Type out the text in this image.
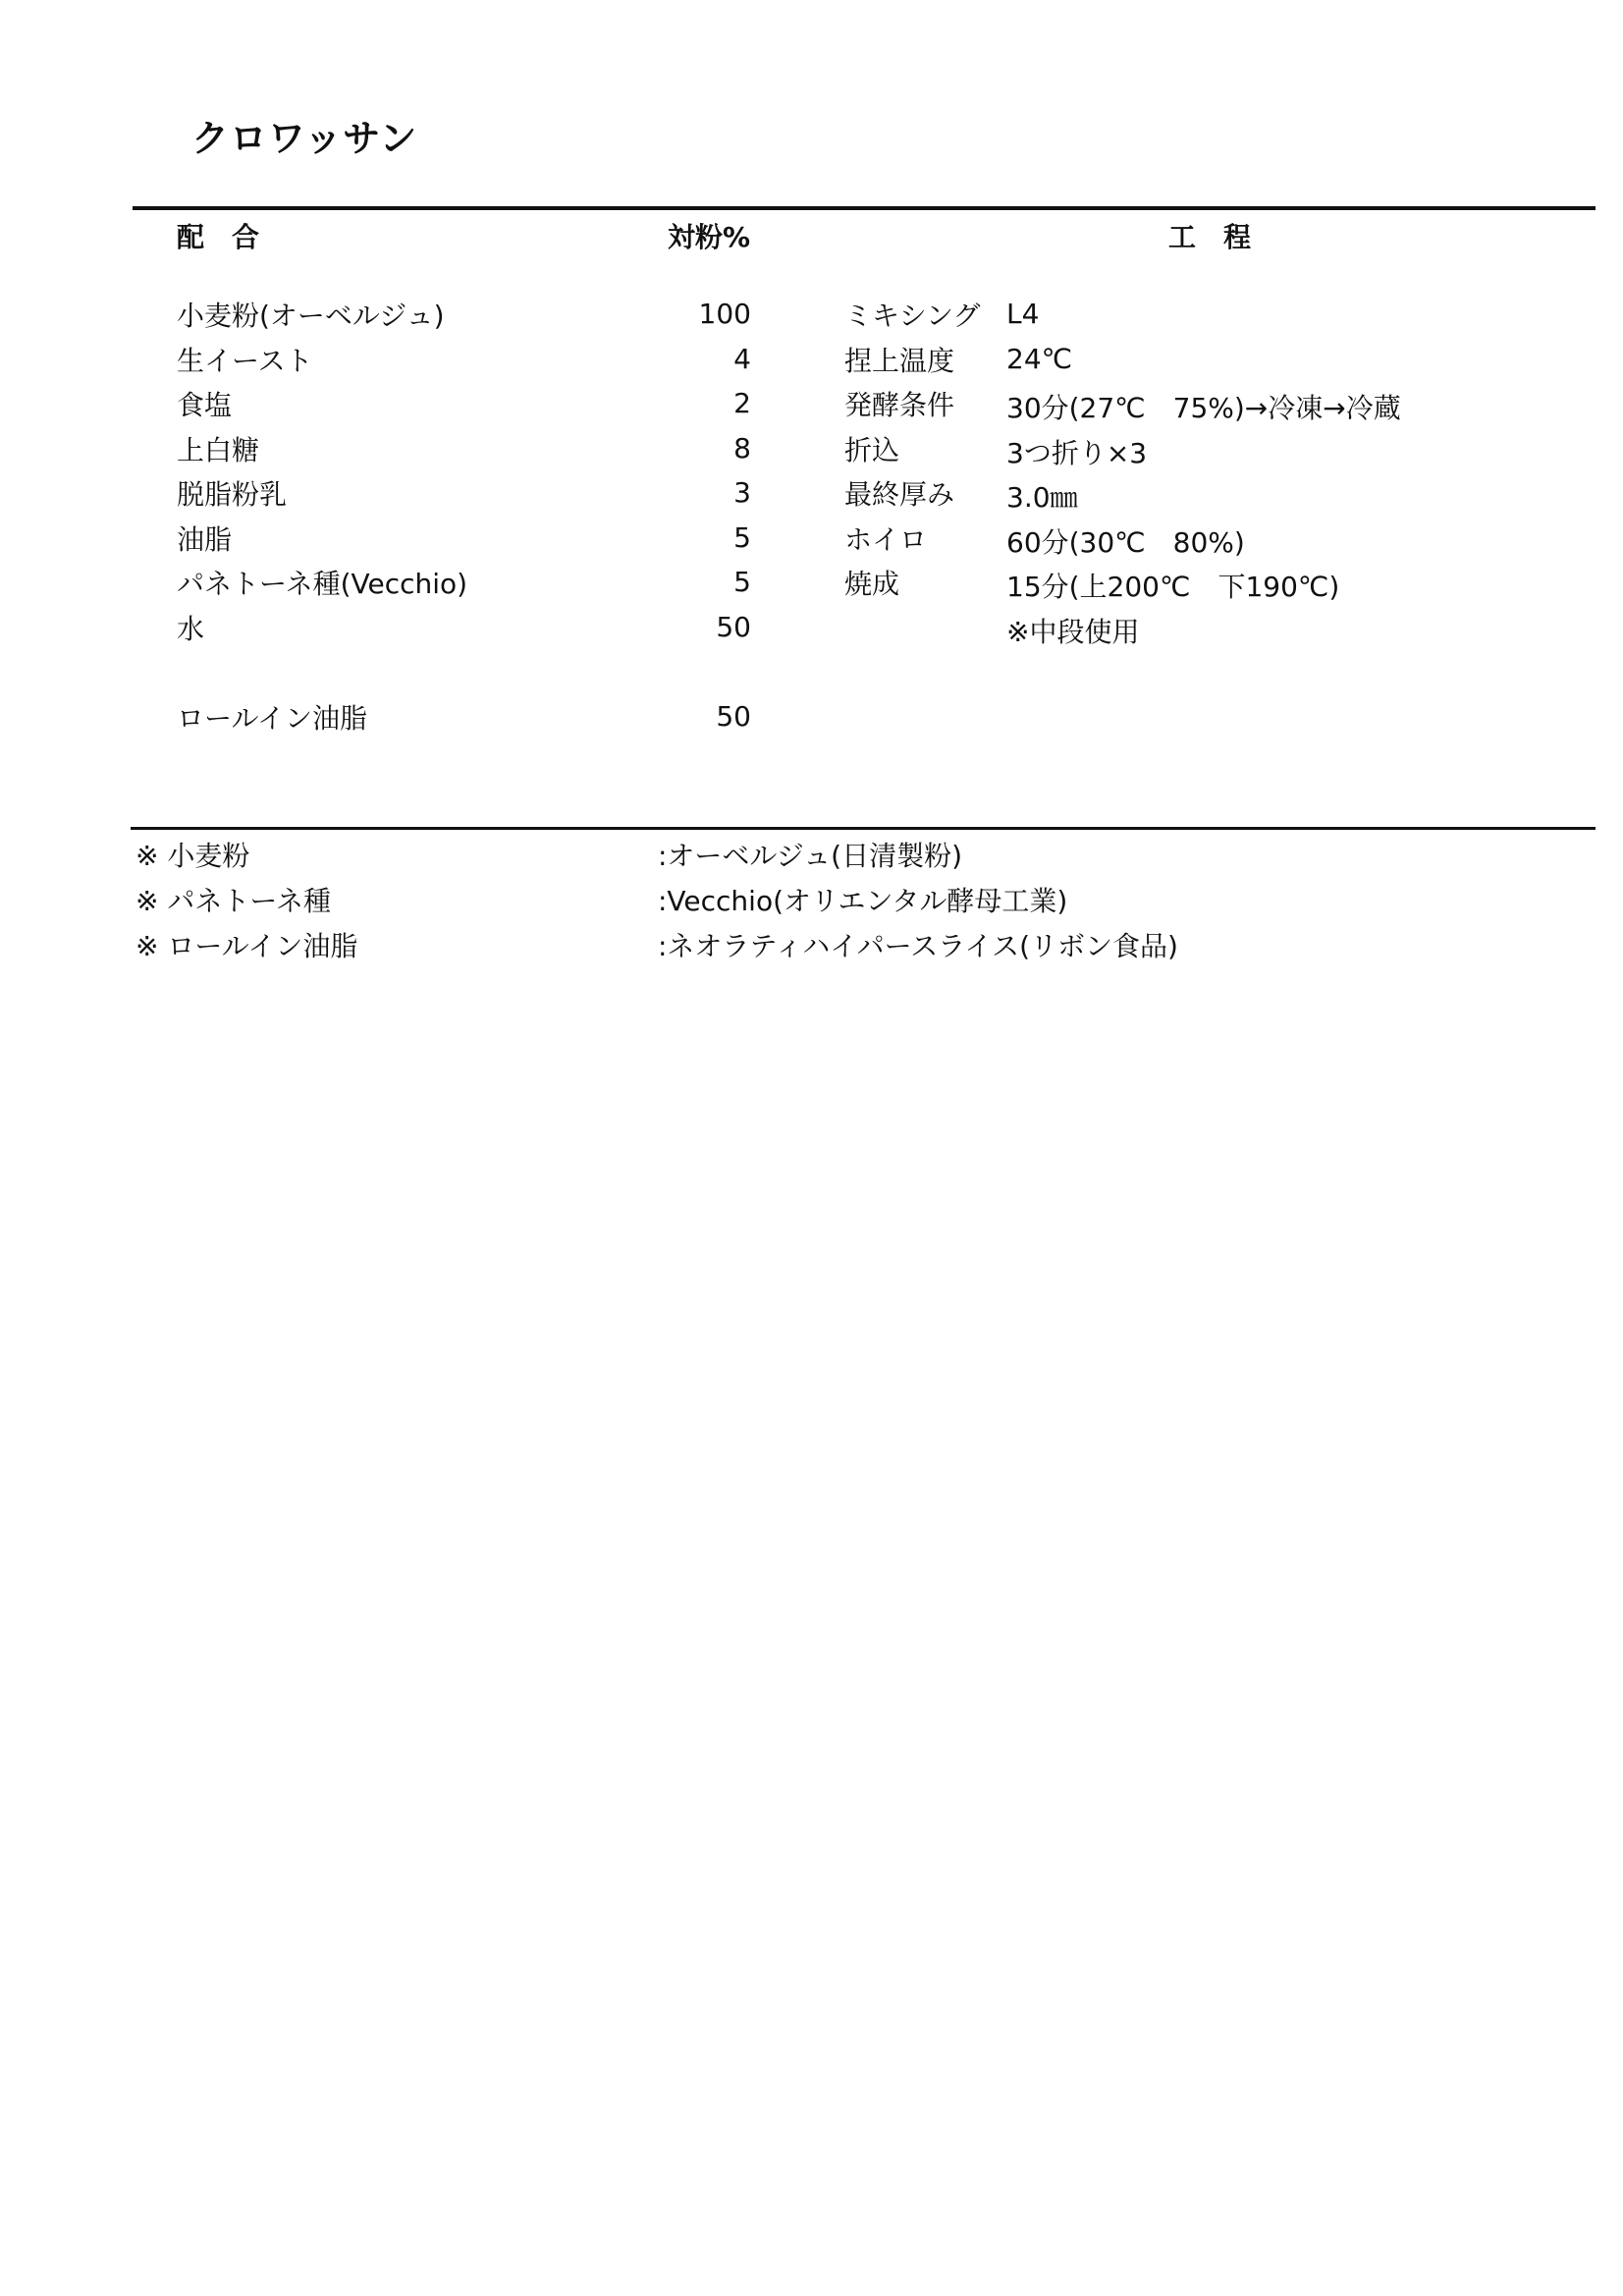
クロワッサン
配　合	対粉%	工　程
小麦粉(オーベルジュ)	100
生イースト	4
食塩	2
上白糖	8
脱脂粉乳	3
油脂	5
パネトーネ種(Vecchio)	5
水	50
ミキシング L4
捏上温度 24℃
発酵条件 30分(27℃　75%)→冷凍→冷蔵
折込	3つ折り×3
最終厚み 3.0㎜
ホイロ	60分(30℃　80%)
焼成	15分(上200℃　下190℃)
※中段使用
ロールイン油脂	50
※ 小麦粉	:オーベルジュ(日清製粉)
※ パネトーネ種	:Vecchio(オリエンタル酵母工業)
※ ロールイン油脂	:ネオラティハイパースライス(リボン食品)
